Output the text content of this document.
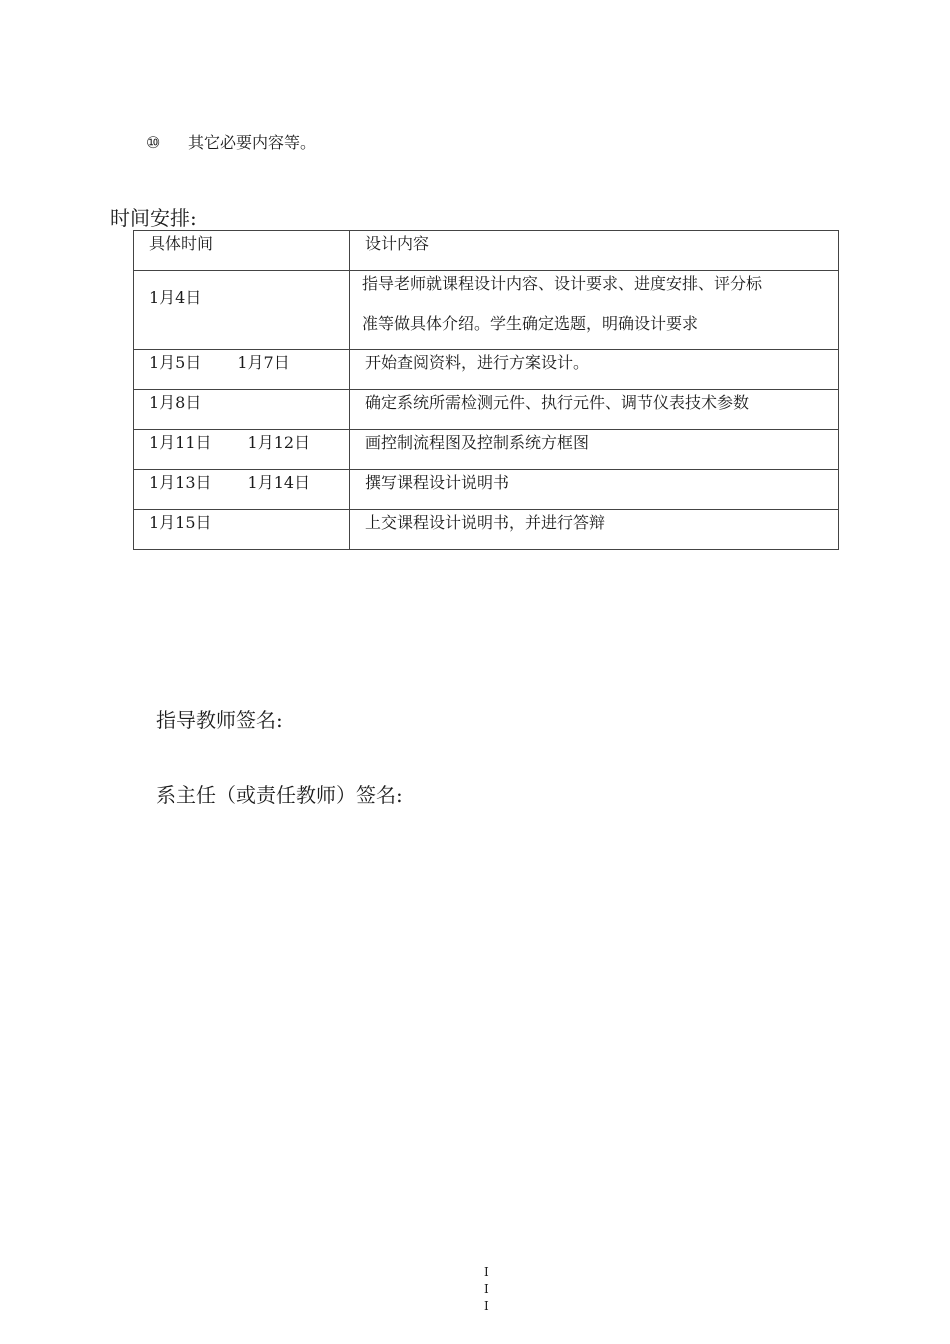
⑩ 其它必要内容等。
时间安排:
具体时间	设计内容

1月4日	指导老师就课程设计内容、设计要求、进度安排、评分标
准等做具体介绍。学生确定选题，明确设计要求

1月5日 1月7日	开始查阅资料，进行方案设计。

1月8日	确定系统所需检测元件、执行元件、调节仪表技术参数

1月11日 1月12日	画控制流程图及控制系统方框图

1月13日 1月14日	撰写课程设计说明书

1月15日	上交课程设计说明书，并进行答辩
指导教师签名:
系主任（或责任教师）签名:
I
I
I
